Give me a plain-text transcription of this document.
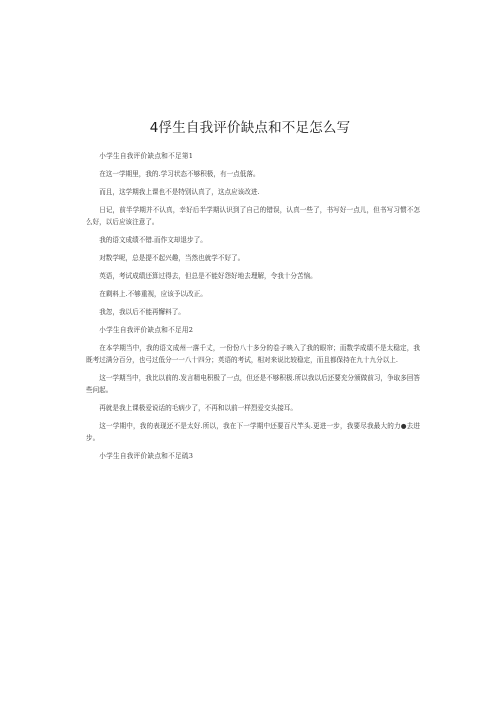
4俘生自我评价缺点和不足怎么写

小学生自我评价缺点和不足第1

在这一学期里，我的.学习状态不够积极，有一点低落。

而且，这学期我上课也不是特别认真了，这点应该改进.

日记，前半学期并不认真，幸好后半学期认识到了自己的错误，认真一些了，书写好一点儿，但书写习惯不怎么好，以后应该注意了。

我的语文成绩不错.而作文却退步了。

对数学呢，总是提不起兴趣，当然也就学不好了。

英语，考试成绩还算过得去，但总是不能好怨好地去理解，令我十分苦恼。

在剩料上.不够重视，应该予以改正。

我忽，我以后不能再懈料了。

小学生自我评价缺点和不足用2

在本学期当中，我的语文成州一落千丈，一份份八十多分的卷子映入了我的眼帘；而数学成绩不是太稳定，我既考过满分百分，也弓过低分一一八十四分；英语的考试，相对来说比较稳定，而且都保持在九十九分以上.

这一学期当中，我比以前的.发言精电积极了一点，但还是不够积极.所以我以后还要充分颁做前习，争取多回答些问起。

再就是我上课极爱说话的毛病少了，不再和以前一样烈爱交头接耳。

这一学期中，我的表现还不是太好.所以，我在下一学期中还要百尺竿头.更进一步，我要尽我最大的力●去进步。

小学生自我评价缺点和不足硫3
